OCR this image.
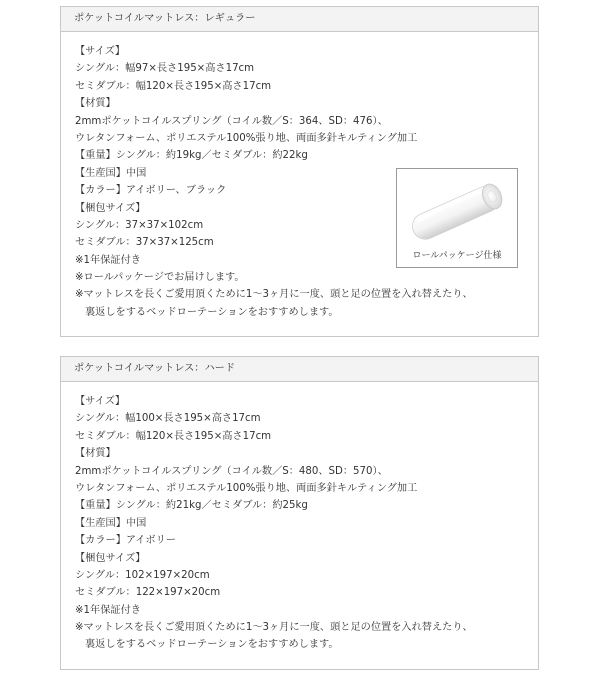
ポケットコイルマットレス：レギュラー
【サイズ】
シングル：幅97×長さ195×高さ17cm
セミダブル：幅120×長さ195×高さ17cm
【材質】
2mmポケットコイルスプリング（コイル数／S：364、SD：476）、
ウレタンフォーム、ポリエステル100%張り地、両面多針キルティング加工
【重量】シングル：約19kg／セミダブル：約22kg
【生産国】中国
【カラー】アイボリー、ブラック
【梱包サイズ】
シングル：37×37×102cm
セミダブル：37×37×125cm
※1年保証付き
※ロールパッケージでお届けします。
※マットレスを長くご愛用頂くために1～3ヶ月に一度、頭と足の位置を入れ替えたり、
裏返しをするベッドローテーションをおすすめします。
ロールパッケージ仕様
ポケットコイルマットレス：ハード
【サイズ】
シングル：幅100×長さ195×高さ17cm
セミダブル：幅120×長さ195×高さ17cm
【材質】
2mmポケットコイルスプリング（コイル数／S：480、SD：570）、
ウレタンフォーム、ポリエステル100%張り地、両面多針キルティング加工
【重量】シングル：約21kg／セミダブル：約25kg
【生産国】中国
【カラー】アイボリー
【梱包サイズ】
シングル：102×197×20cm
セミダブル：122×197×20cm
※1年保証付き
※マットレスを長くご愛用頂くために1～3ヶ月に一度、頭と足の位置を入れ替えたり、
裏返しをするベッドローテーションをおすすめします。
